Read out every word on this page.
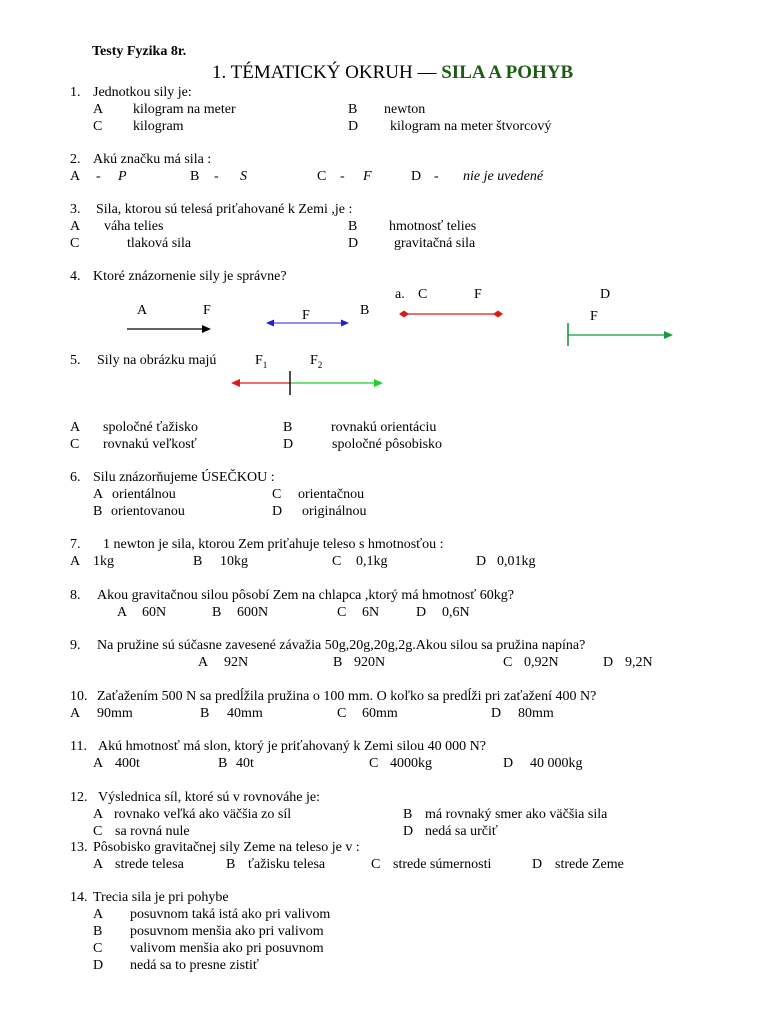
Testy Fyzika 8r.
1. TÉMATICKÝ OKRUH — SILA A POHYB
1. Jednotkou sily je:
A kilogram na meter	B newton
C kilogram	D kilogram na meter štvorcový
2. Akú značku má sila :
A - P	B - S	C - F	D - nie je uvedené
3. Sila, ktorou sú telesá priťahované k Zemi ,je :
A váha telies	B hmotnosť telies
C	tlaková sila	D	gravitačná sila
4. Ktoré znázornenie sily je správne?
A	F	F	B
a. C	F	D
F
5. Sily na obrázku majú	$F_1$	$F_2$
A spoločné ťažisko	B	rovnakú orientáciu
C rovnakú veľkosť	D	spoločné pôsobisko
6. Silu znázorňujeme ÚSEČKOU :
A orientálnou	C orientačnou
B orientovanou	D originálnou
7. 1 newton je sila, ktorou Zem priťahuje teleso s hmotnosťou :
A 1kg	B 10kg	C 0,1kg	D 0,01kg
8. Akou gravitačnou silou pôsobí Zem na chlapca ,ktorý má hmotnosť 60kg?
A 60N	B 600N	C 6N	D 0,6N
9. Na pružine sú súčasne zavesené závažia 50g,20g,20g,2g.Akou silou sa pružina napína?
A 92N	B 920N	C 0,92N	D 9,2N
10. Zaťažením 500 N sa predĺžila pružina o 100 mm. O koľko sa predĺži pri zaťažení 400 N?
A 90mm	B 40mm	C 60mm	D 80mm
11. Akú hmotnosť má slon, ktorý je priťahovaný k Zemi silou 40 000 N?
A 400t	B 40t	C 4000kg	D 40 000kg
12. Výslednica síl, ktoré sú v rovnováhe je:
A rovnako veľká ako väčšia zo síl	B má rovnaký smer ako väčšia sila
C sa rovná nule	D nedá sa určiť
13. Pôsobisko gravitačnej sily Zeme na teleso je v :
A strede telesa	B ťažisku telesa	C strede súmernosti	D strede Zeme
14. Trecia sila je pri pohybe
A posuvnom taká istá ako pri valivom
B posuvnom menšia ako pri valivom
C valivom menšia ako pri posuvnom
D nedá sa to presne zistiť
